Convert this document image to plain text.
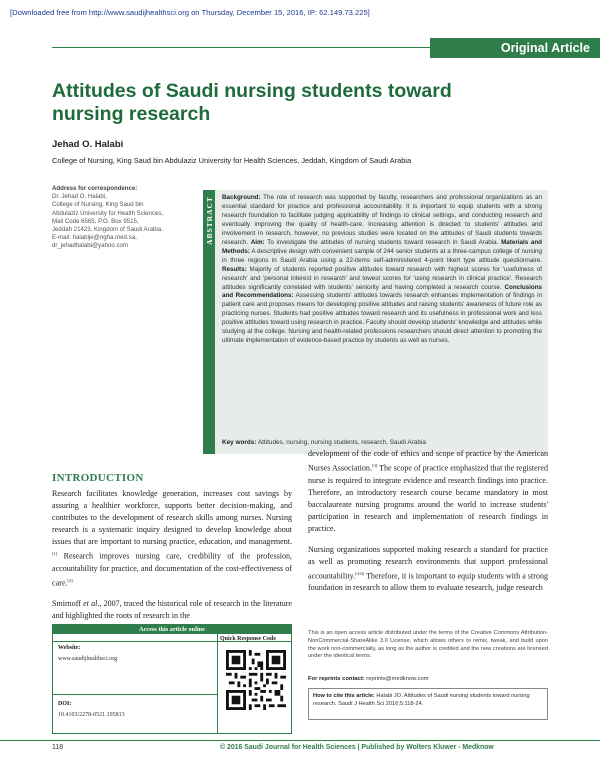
[Downloaded free from http://www.saudijhealthsci.org on Thursday, December 15, 2016, IP: 62.149.73.225]
Original Article
Attitudes of Saudi nursing students toward nursing research
Jehad O. Halabi
College of Nursing, King Saud bin Abdulaziz University for Health Sciences, Jeddah, Kingdom of Saudi Arabia
Address for correspondence:
Dr. Jehad O. Halabi,
College of Nursing, King Saud bin
Abdulaziz University for Health Sciences,
Mail Code 6565, P.O. Box 9515,
Jeddah 21423, Kingdom of Saudi Arabia.
E-mail: halabije@ngha.med.sa,
dr_jehadhalabi@yahoo.com
ABSTRACT Background: The role of research was supported by faculty, researchers and professional organizations as an essential standard for practice and professional accountability. It is important to equip students with a strong research foundation to facilitate judging applicability of findings to clinical settings, and conducting research and eventually improving the quality of health-care. Increasing attention is directed to students' attitudes and involvement in research, however, no previous studies were located on the attitudes of Saudi students towards research. Aim: To investigate the attitudes of nursing students toward research in Saudi Arabia. Materials and Methods: A descriptive design with convenient sample of 244 senior students at a three-campus college of nursing in three regions in Saudi Arabia using a 22-items self-administered 4-point likert type attitude questionnaire. Results: Majority of students reported positive attitudes toward research with highest scores for 'usefulness of research' and 'personal interest in research' and lowest scores for 'using research in clinical practice'. Research attitudes significantly correlated with students' seniority and having completed a research course. Conclusions and Recommendations: Assessing students' attitudes towards research enhances implementation of findings in patient care and proposes means for developing positive attitudes and raising students' awareness of future role as practicing nurses. Students had positive attitudes toward research and its usefulness in professional work and less positive attitudes toward using research in practice. Faculty should develop students' knowledge and attitudes while studying at the college. Nursing and health-related professions researchers should direct attention to promoting the ultimate implementation of evidence-based practice by students as well as nurses.
Key words: Attitudes, nursing, nursing students, research, Saudi Arabia
INTRODUCTION

Research facilitates knowledge generation, increases cost savings by assuring a healthier workforce, supports better decision-making, and contributes to the development of research skills among nurses. Nursing research is a systematic inquiry designed to develop knowledge about issues that are important to nursing practice, education, and management.[1] Research improves nursing care, credibility of the profession, accountability for practice, and documentation of the cost-effectiveness of care.[2]

Smirnoff et al., 2007, traced the historical role of research in the literature and highlighted the roots of research in the

development of the code of ethics and scope of practice by the American Nurses Association.[3] The scope of practice emphasized that the registered nurse is required to integrate evidence and research findings into practice. Therefore, an introductory research course became mandatory in most baccalaureate nursing programs around the world to increase students' participation in research and implementation of research findings in practice.

Nursing organizations supported making research a standard for practice as well as promoting research environments that support professional accountability.[4-6] Therefore, it is important to equip students with a strong foundation in research to allow them to evaluate research, judge research

Access this article online
Quick Response Code
Website:
www.saudijhealthsci.org
DOI:
10.4103/2278-0521.195813
This is an open access article distributed under the terms of the Creative Commons Attribution-NonCommercial-ShareAlike 3.0 License, which allows others to remix, tweak, and build upon the work non-commercially, as long as the author is credited and the new creations are licensed under the identical terms.
For reprints contact: reprints@medknow.com
How to cite this article: Halabi JO. Attitudes of Saudi nursing students toward nursing research. Saudi J Health Sci 2016;5:118-24.
118	© 2016 Saudi Journal for Health Sciences | Published by Wolters Kluwer - Medknow
